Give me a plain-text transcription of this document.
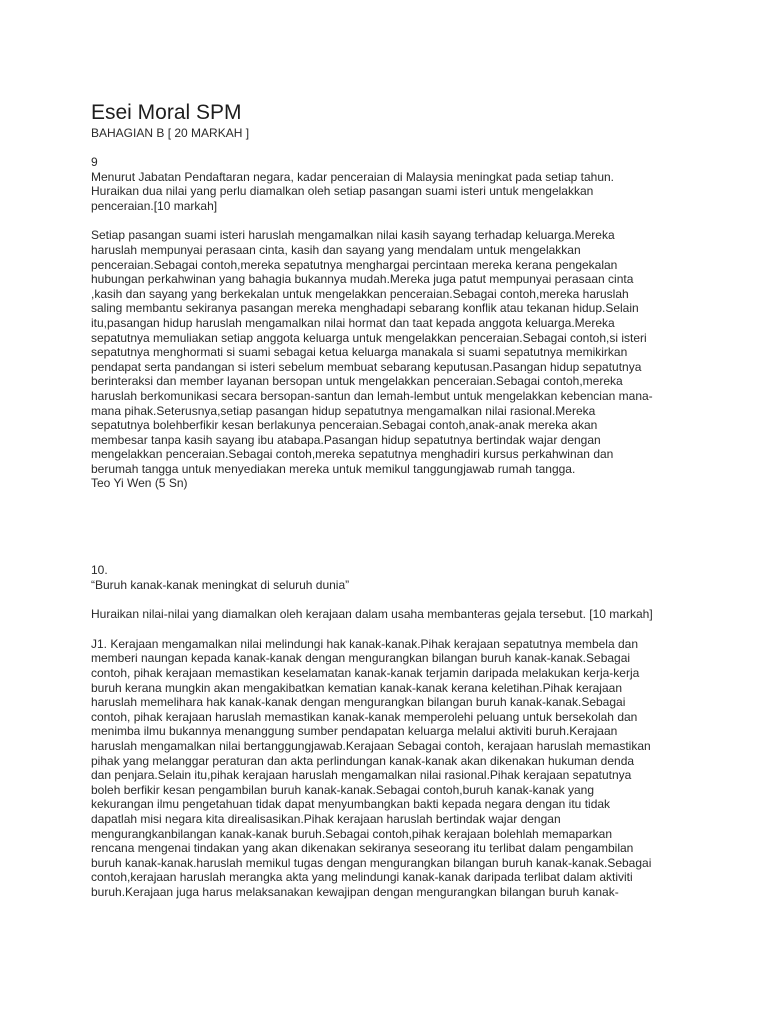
Esei Moral SPM

BAHAGIAN B [ 20 MARKAH ]

9

Menurut Jabatan Pendaftaran negara, kadar penceraian di Malaysia meningkat pada setiap tahun.

Huraikan dua nilai yang perlu diamalkan oleh setiap pasangan suami isteri untuk mengelakkan

penceraian.[10 markah]

Setiap pasangan suami isteri haruslah mengamalkan nilai kasih sayang terhadap keluarga.Mereka

haruslah mempunyai perasaan cinta, kasih dan sayang yang mendalam untuk mengelakkan

penceraian.Sebagai contoh,mereka sepatutnya menghargai percintaan mereka kerana pengekalan

hubungan perkahwinan yang bahagia bukannya mudah.Mereka juga patut mempunyai perasaan cinta

,kasih dan sayang yang berkekalan untuk mengelakkan penceraian.Sebagai contoh,mereka haruslah

saling membantu sekiranya pasangan mereka menghadapi sebarang konflik atau tekanan hidup.Selain

itu,pasangan hidup haruslah mengamalkan nilai hormat dan taat kepada anggota keluarga.Mereka

sepatutnya memuliakan setiap anggota keluarga untuk mengelakkan penceraian.Sebagai contoh,si isteri

sepatutnya menghormati si suami sebagai ketua keluarga manakala si suami sepatutnya memikirkan

pendapat serta pandangan si isteri sebelum membuat sebarang keputusan.Pasangan hidup sepatutnya

berinteraksi dan member layanan bersopan untuk mengelakkan penceraian.Sebagai contoh,mereka

haruslah berkomunikasi secara bersopan-santun dan lemah-lembut untuk mengelakkan kebencian mana-

mana pihak.Seterusnya,setiap pasangan hidup sepatutnya mengamalkan nilai rasional.Mereka

sepatutnya bolehberfikir kesan berlakunya penceraian.Sebagai contoh,anak-anak mereka akan

membesar tanpa kasih sayang ibu atabapa.Pasangan hidup sepatutnya bertindak wajar dengan

mengelakkan penceraian.Sebagai contoh,mereka sepatutnya menghadiri kursus perkahwinan dan

berumah tangga untuk menyediakan mereka untuk memikul tanggungjawab rumah tangga.

Teo Yi Wen (5 Sn)

10.

“Buruh kanak-kanak meningkat di seluruh dunia”

Huraikan nilai-nilai yang diamalkan oleh kerajaan dalam usaha membanteras gejala tersebut. [10 markah]

J1. Kerajaan mengamalkan nilai melindungi hak kanak-kanak.Pihak kerajaan sepatutnya membela dan

memberi naungan kepada kanak-kanak dengan mengurangkan bilangan buruh kanak-kanak.Sebagai

contoh, pihak kerajaan memastikan keselamatan kanak-kanak terjamin daripada melakukan kerja-kerja

buruh kerana mungkin akan mengakibatkan kematian kanak-kanak kerana keletihan.Pihak kerajaan

haruslah memelihara hak kanak-kanak dengan mengurangkan bilangan buruh kanak-kanak.Sebagai

contoh, pihak kerajaan haruslah memastikan kanak-kanak memperolehi peluang untuk bersekolah dan

menimba ilmu bukannya menanggung sumber pendapatan keluarga melalui aktiviti buruh.Kerajaan

haruslah mengamalkan nilai bertanggungjawab.Kerajaan Sebagai contoh, kerajaan haruslah memastikan

pihak yang melanggar peraturan dan akta perlindungan kanak-kanak akan dikenakan hukuman denda

dan penjara.Selain itu,pihak kerajaan haruslah mengamalkan nilai rasional.Pihak kerajaan sepatutnya

boleh berfikir kesan pengambilan buruh kanak-kanak.Sebagai contoh,buruh kanak-kanak yang

kekurangan ilmu pengetahuan tidak dapat menyumbangkan bakti kepada negara dengan itu tidak

dapatlah misi negara kita direalisasikan.Pihak kerajaan haruslah bertindak wajar dengan

mengurangkanbilangan kanak-kanak buruh.Sebagai contoh,pihak kerajaan bolehlah memaparkan

rencana mengenai tindakan yang akan dikenakan sekiranya seseorang itu terlibat dalam pengambilan

buruh kanak-kanak.haruslah memikul tugas dengan mengurangkan bilangan buruh kanak-kanak.Sebagai

contoh,kerajaan haruslah merangka akta yang melindungi kanak-kanak daripada terlibat dalam aktiviti

buruh.Kerajaan juga harus melaksanakan kewajipan dengan mengurangkan bilangan buruh kanak-
